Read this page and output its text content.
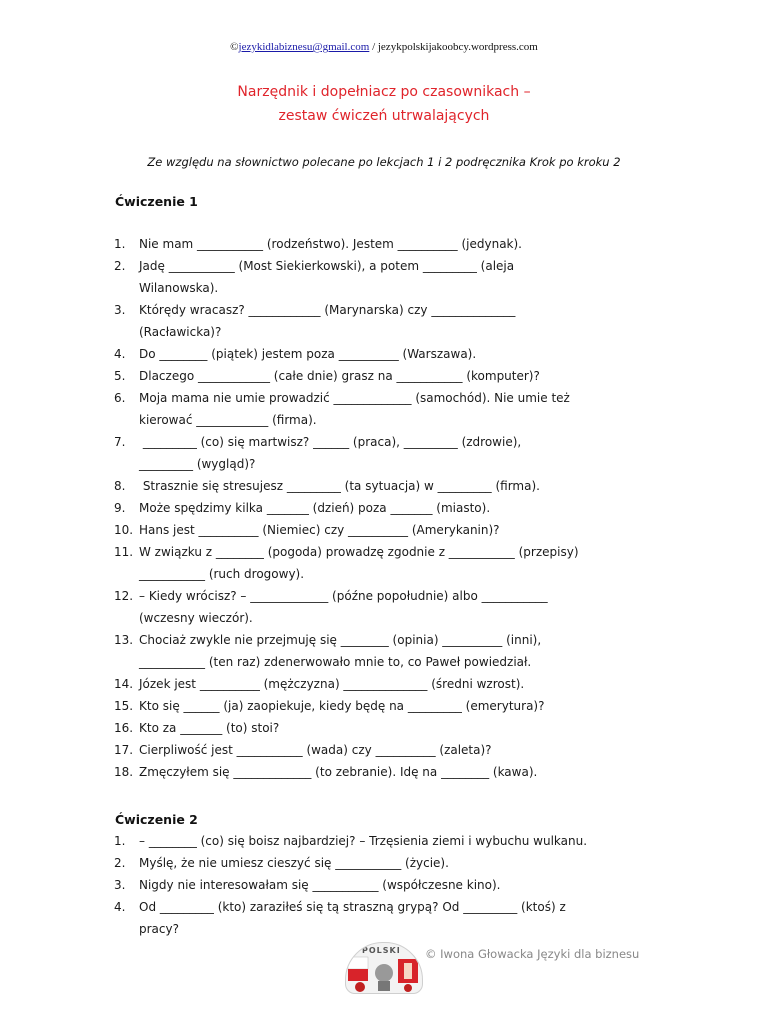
©jezykidlabiznesu@gmail.com / jezykpolskijakoobcy.wordpress.com
Narzędnik i dopełniacz po czasownikach –
zestaw ćwiczeń utrwalających
Ze względu na słownictwo polecane po lekcjach 1 i 2 podręcznika Krok po kroku 2
Ćwiczenie 1
1.	Nie mam ___________ (rodzeństwo). Jestem __________ (jedynak).
2.	Jadę ___________ (Most Siekierkowski), a potem _________ (aleja
Wilanowska).
3.	Którędy wracasz? ____________ (Marynarska) czy ______________
(Racławicka)?
4.	Do ________ (piątek) jestem poza __________ (Warszawa).
5.	Dlaczego ____________ (całe dnie) grasz na ___________ (komputer)?
6.	Moja mama nie umie prowadzić _____________ (samochód). Nie umie też
kierować ____________ (firma).
7.	_________ (co) się martwisz? ______ (praca), _________ (zdrowie),
_________ (wygląd)?
8.	Strasznie się stresujesz _________ (ta sytuacja) w _________ (firma).
9.	Może spędzimy kilka _______ (dzień) poza _______ (miasto).
10. Hans jest __________ (Niemiec) czy __________ (Amerykanin)?
11. W związku z ________ (pogoda) prowadzę zgodnie z ___________ (przepisy)
___________ (ruch drogowy).
12. – Kiedy wrócisz? – _____________ (późne popołudnie) albo ___________
(wczesny wieczór).
13. Chociaż zwykle nie przejmuję się ________ (opinia) __________ (inni),
___________ (ten raz) zdenerwowało mnie to, co Paweł powiedział.
14. Józek jest __________ (mężczyzna) ______________ (średni wzrost).
15. Kto się ______ (ja) zaopiekuje, kiedy będę na _________ (emerytura)?
16. Kto za _______ (to) stoi?
17. Cierpliwość jest ___________ (wada) czy __________ (zaleta)?
18. Zmęczyłem się _____________ (to zebranie). Idę na ________ (kawa).
Ćwiczenie 2
1.	– ________ (co) się boisz najbardziej? – Trzęsienia ziemi i wybuchu wulkanu.
2.	Myślę, że nie umiesz cieszyć się ___________ (życie).
3.	Nigdy nie interesowałam się ___________ (współczesne kino).
4.	Od _________ (kto) zaraziłeś się tą straszną grypą? Od _________ (ktoś) z
pracy?
POLSKI © Iwona Głowacka Języki dla biznesu
